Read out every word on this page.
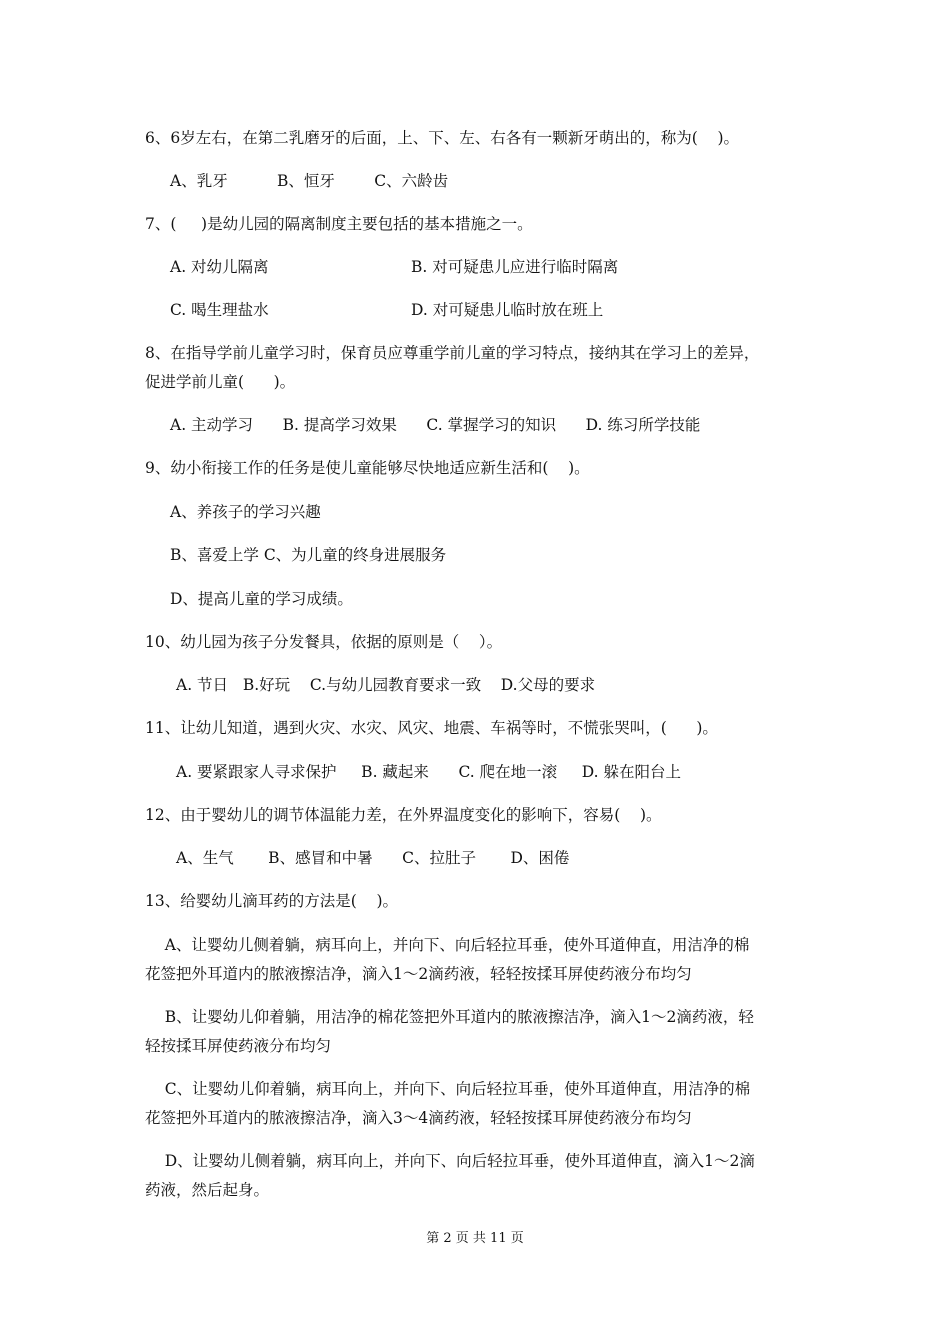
6、6岁左右，在第二乳磨牙的后面，上、下、左、右各有一颗新牙萌出的，称为(    )。
A、乳牙          B、恒牙        C、六龄齿
7、(     )是幼儿园的隔离制度主要包括的基本措施之一。
A. 对幼儿隔离	B. 对可疑患儿应进行临时隔离
C. 喝生理盐水	D. 对可疑患儿临时放在班上
8、在指导学前儿童学习时，保育员应尊重学前儿童的学习特点，接纳其在学习上的差异，
促进学前儿童(      )。
A. 主动学习      B. 提高学习效果      C. 掌握学习的知识      D. 练习所学技能
9、幼小衔接工作的任务是使儿童能够尽快地适应新生活和(    )。
A、养孩子的学习兴趣
B、喜爱上学 C、为儿童的终身进展服务
D、提高儿童的学习成绩。
10、幼儿园为孩子分发餐具，依据的原则是（    ）。
A. 节日   B.好玩    C.与幼儿园教育要求一致    D.父母的要求
11、让幼儿知道，遇到火灾、水灾、风灾、地震、车祸等时，不慌张哭叫，(      )。
A. 要紧跟家人寻求保护     B. 藏起来      C. 爬在地一滚     D. 躲在阳台上
12、由于婴幼儿的调节体温能力差，在外界温度变化的影响下，容易(    )。
A、生气       B、感冒和中暑      C、拉肚子       D、困倦
13、给婴幼儿滴耳药的方法是(    )。
A、让婴幼儿侧着躺，病耳向上，并向下、向后轻拉耳垂，使外耳道伸直，用洁净的棉
花签把外耳道内的脓液擦洁净，滴入1～2滴药液，轻轻按揉耳屏使药液分布均匀
B、让婴幼儿仰着躺，用洁净的棉花签把外耳道内的脓液擦洁净，滴入1～2滴药液，轻
轻按揉耳屏使药液分布均匀
C、让婴幼儿仰着躺，病耳向上，并向下、向后轻拉耳垂，使外耳道伸直，用洁净的棉
花签把外耳道内的脓液擦洁净，滴入3～4滴药液，轻轻按揉耳屏使药液分布均匀
D、让婴幼儿侧着躺，病耳向上，并向下、向后轻拉耳垂，使外耳道伸直，滴入1～2滴
药液，然后起身。
第 2 页 共 11 页
